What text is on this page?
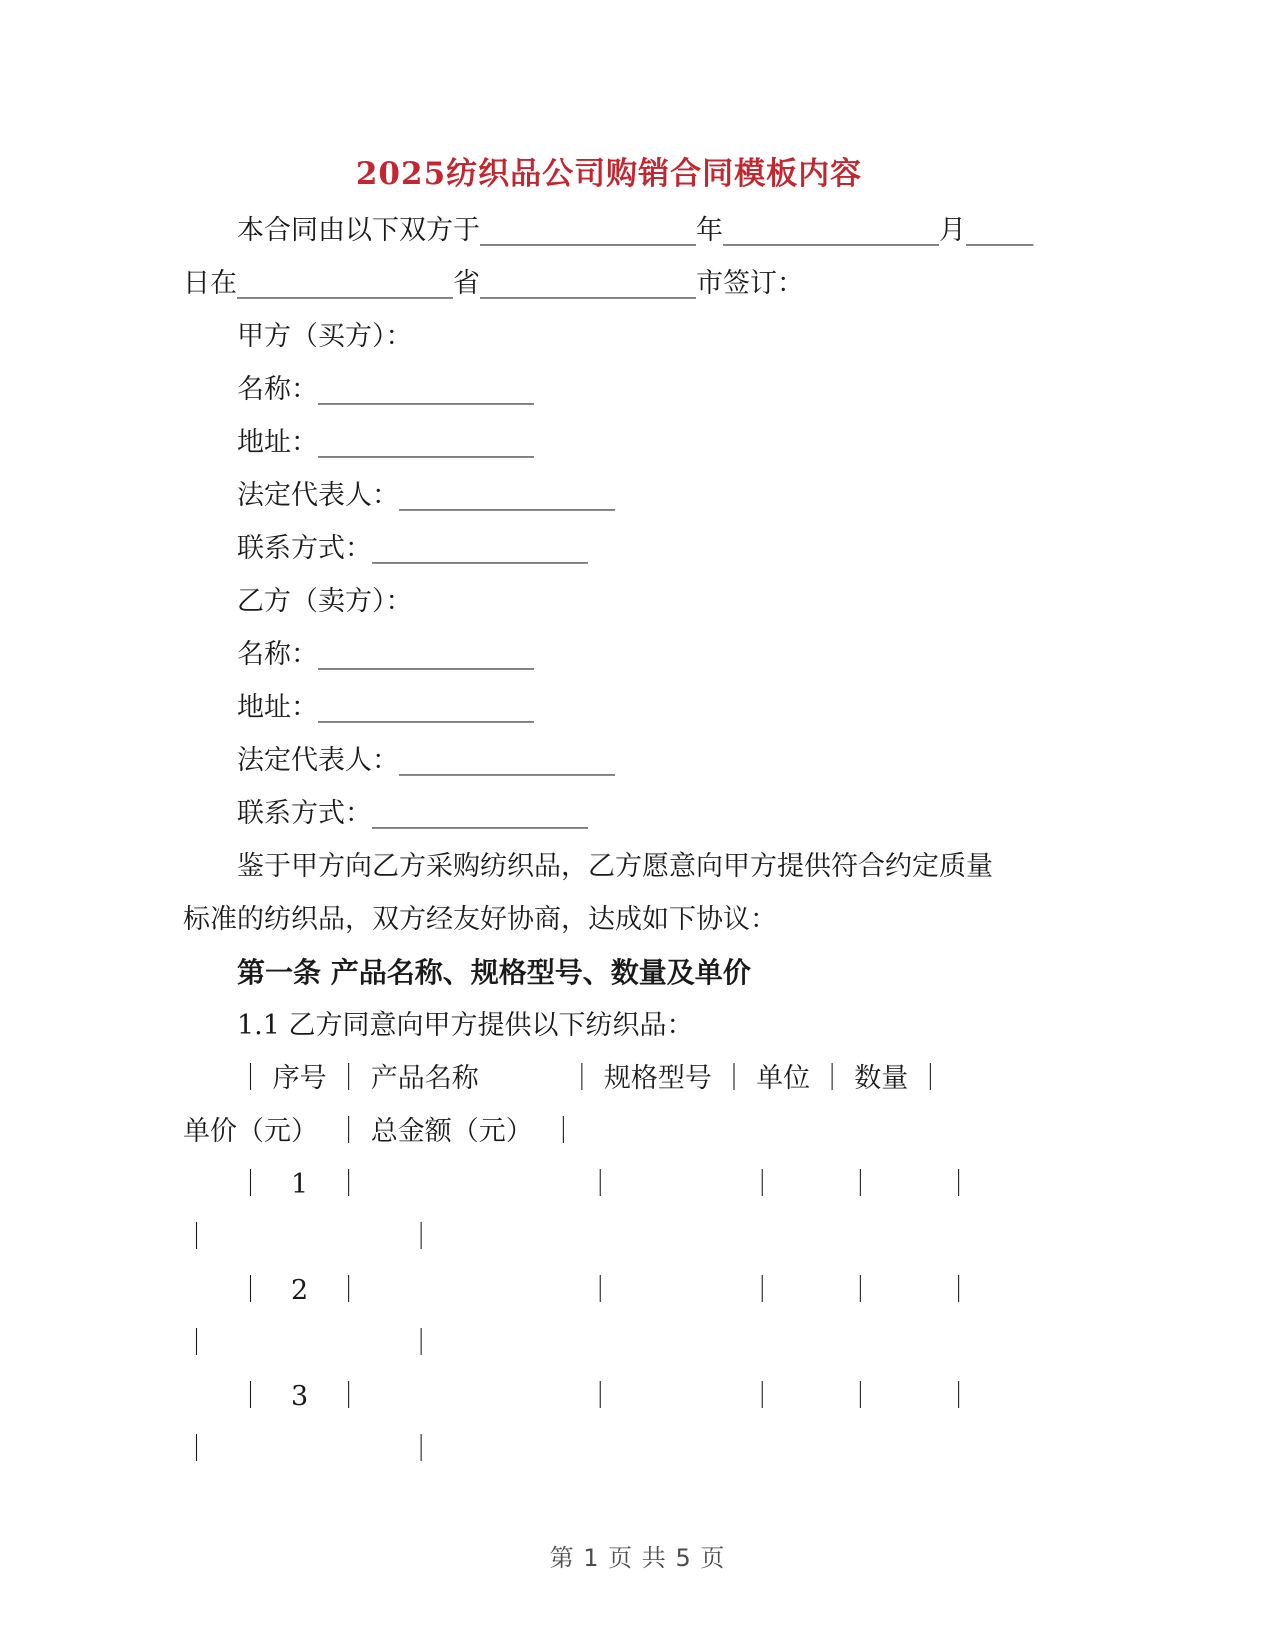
2025纺织品公司购销合同模板内容
本合同由以下双方于________________年________________月_____
日在________________省________________市签订：
甲方（买方）：
名称：________________
地址：________________
法定代表人：________________
联系方式：________________
乙方（卖方）：
名称：________________
地址：________________
法定代表人：________________
联系方式：________________
鉴于甲方向乙方采购纺织品，乙方愿意向甲方提供符合约定质量
标准的纺织品，双方经友好协商，达成如下协议：
第一条 产品名称、规格型号、数量及单价
1.1 乙方同意向甲方提供以下纺织品：
｜ 序号 ｜ 产品名称　　　 ｜ 规格型号 ｜ 单位 ｜ 数量 ｜
单价（元）  ｜ 总金额（元）  ｜
｜　1　｜　　　　　　　　 ｜　　　　　｜　　  ｜　　  ｜
｜　　　　　　　 ｜
｜　2　｜　　　　　　　　 ｜　　　　　｜　　  ｜　　  ｜
｜　　　　　　　 ｜
｜　3　｜　　　　　　　　 ｜　　　　　｜　　  ｜　　  ｜
｜　　　　　　　 ｜
第 1 页 共 5 页
